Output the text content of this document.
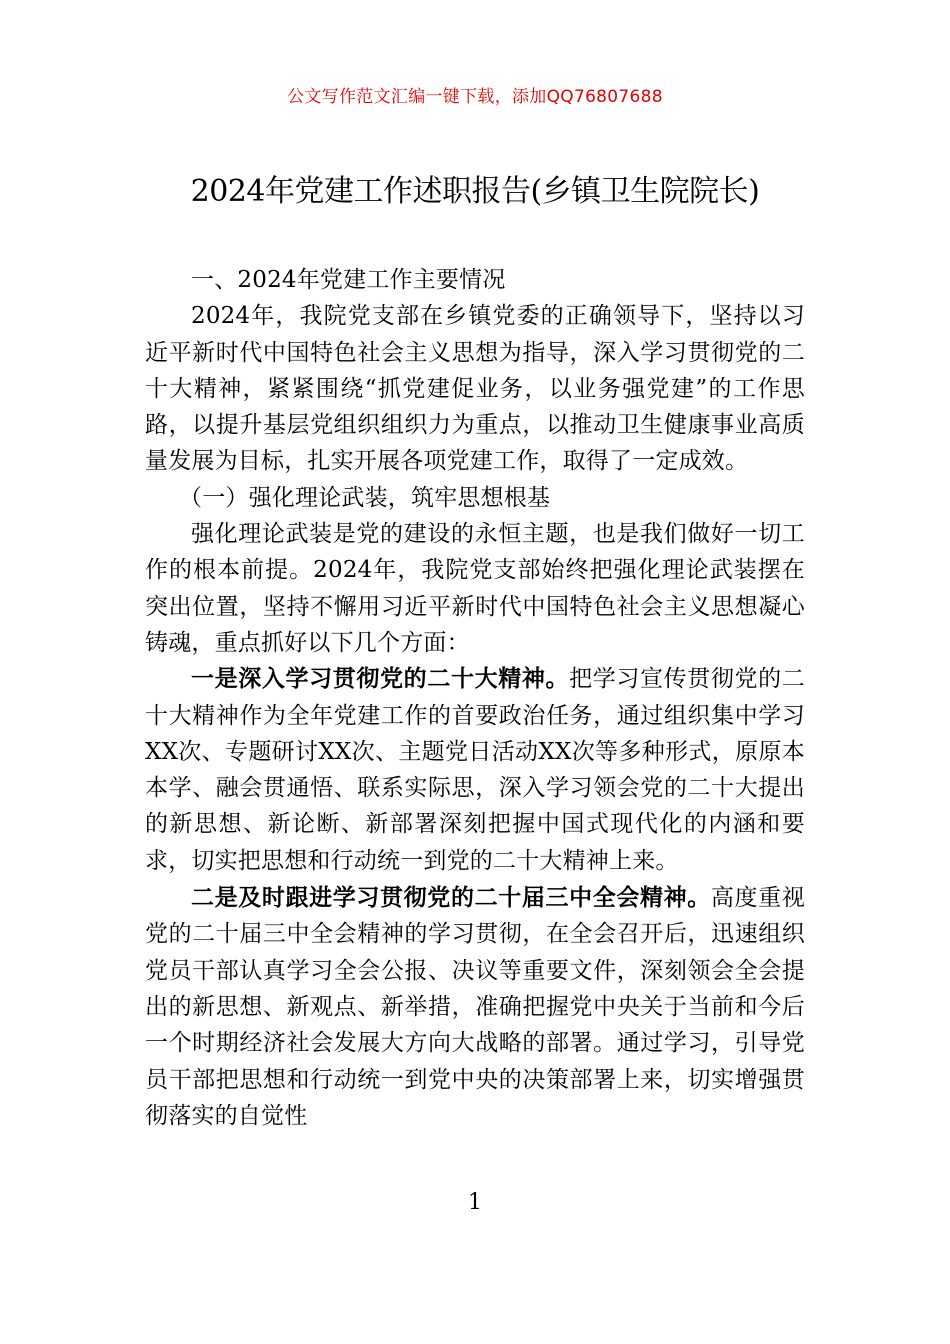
公文写作范文汇编一键下载，添加QQ76807688
2024年党建工作述职报告(乡镇卫生院院长)

一、2024年党建工作主要情况

2024年，我院党支部在乡镇党委的正确领导下，坚持以习近平新时代中国特色社会主义思想为指导，深入学习贯彻党的二十大精神，紧紧围绕“抓党建促业务，以业务强党建”的工作思路，以提升基层党组织组织力为重点，以推动卫生健康事业高质量发展为目标，扎实开展各项党建工作，取得了一定成效。

（一）强化理论武装，筑牢思想根基

强化理论武装是党的建设的永恒主题，也是我们做好一切工作的根本前提。2024年，我院党支部始终把强化理论武装摆在突出位置，坚持不懈用习近平新时代中国特色社会主义思想凝心铸魂，重点抓好以下几个方面：

一是深入学习贯彻党的二十大精神。把学习宣传贯彻党的二十大精神作为全年党建工作的首要政治任务，通过组织集中学习XX次、专题研讨XX次、主题党日活动XX次等多种形式，原原本本学、融会贯通悟、联系实际思，深入学习领会党的二十大提出的新思想、新论断、新部署深刻把握中国式现代化的内涵和要求，切实把思想和行动统一到党的二十大精神上来。

二是及时跟进学习贯彻党的二十届三中全会精神。高度重视党的二十届三中全会精神的学习贯彻，在全会召开后，迅速组织党员干部认真学习全会公报、决议等重要文件，深刻领会全会提出的新思想、新观点、新举措，准确把握党中央关于当前和今后一个时期经济社会发展大方向大战略的部署。通过学习，引导党员干部把思想和行动统一到党中央的决策部署上来，切实增强贯彻落实的自觉性

1
